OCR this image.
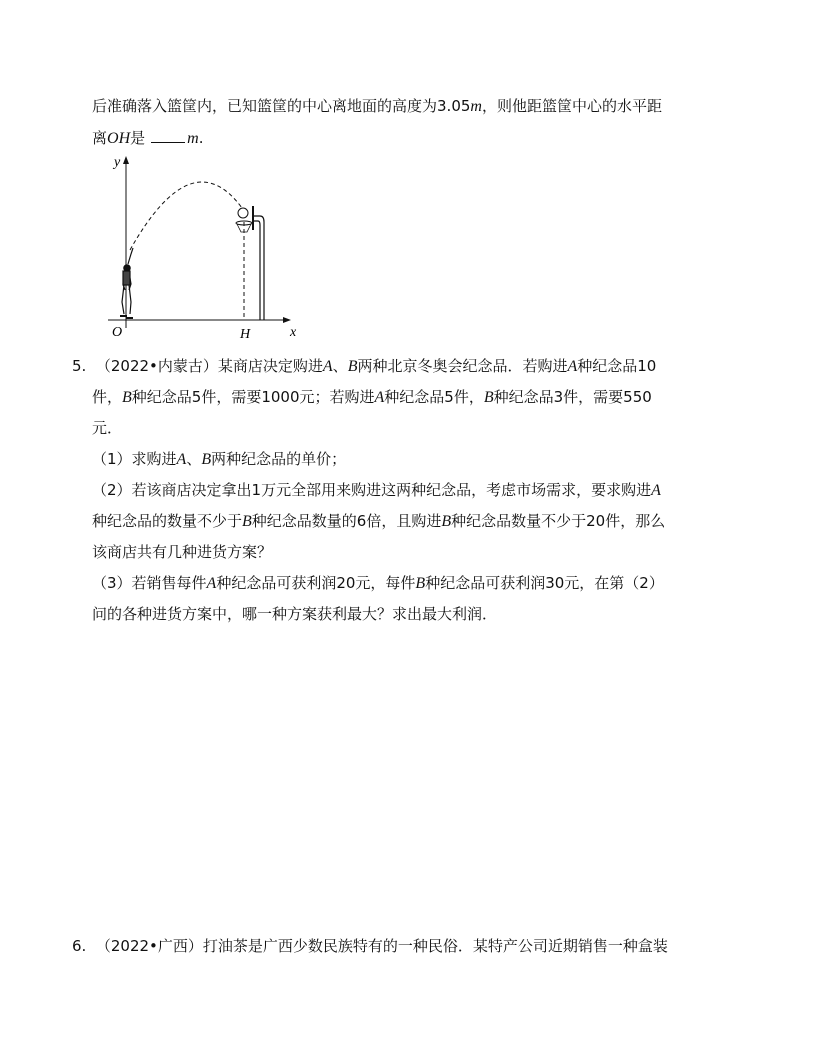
后准确落入篮筐内，已知篮筐的中心离地面的高度为3.05m，则他距篮筐中心的水平距
离OH是	m.
y
x
O	H
5. （2022•内蒙古）某商店决定购进A、B两种北京冬奥会纪念品．若购进A种纪念品10
件，B种纪念品5件，需要1000元；若购进A种纪念品5件，B种纪念品3件，需要550
元．
（1）求购进A、B两种纪念品的单价；
（2）若该商店决定拿出1万元全部用来购进这两种纪念品，考虑市场需求，要求购进A
种纪念品的数量不少于B种纪念品数量的6倍，且购进B种纪念品数量不少于20件，那么
该商店共有几种进货方案？
（3）若销售每件A种纪念品可获利润20元，每件B种纪念品可获利润30元，在第（2）
问的各种进货方案中，哪一种方案获利最大？求出最大利润．
6. （2022•广西）打油茶是广西少数民族特有的一种民俗．某特产公司近期销售一种盒装
